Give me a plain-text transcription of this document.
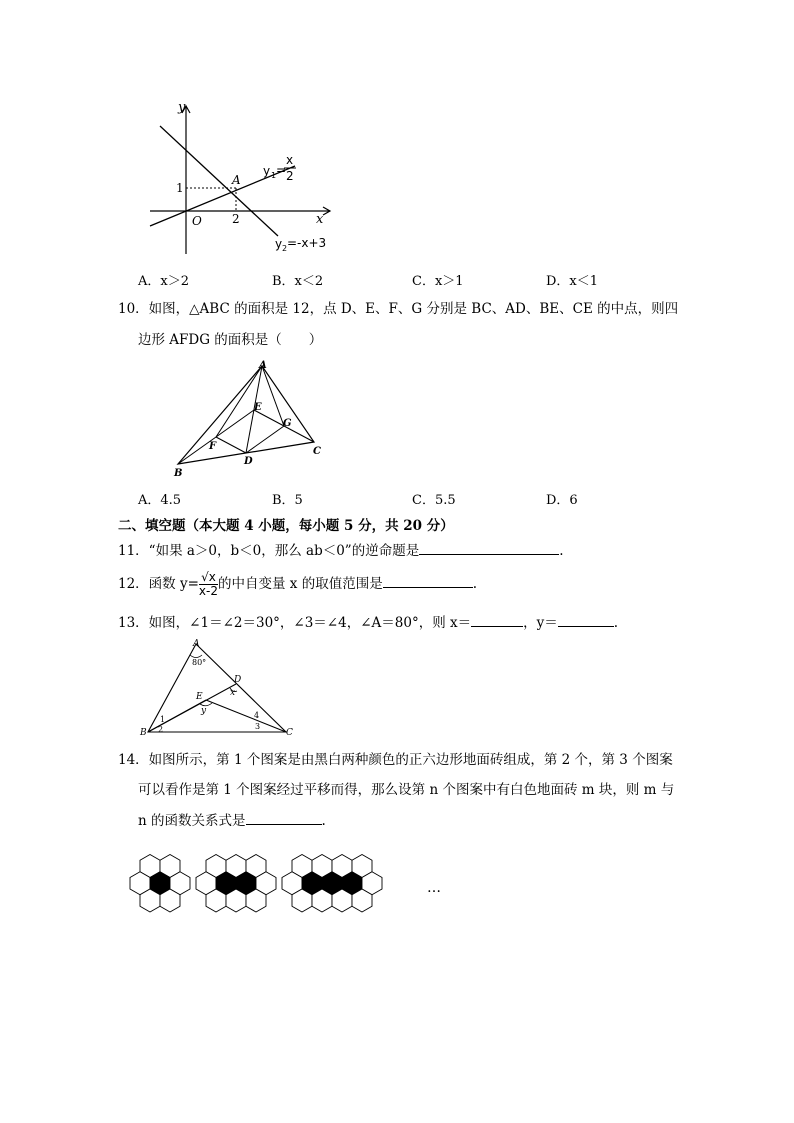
y
x
O
1
2
A
y 1 =
x
2
y 2 =-x+3
A．x＞2	B．x＜2	C．x＞1	D．x＜1
10．如图，△ABC 的面积是 12，点 D、E、F、G 分别是 BC、AD、BE、CE 的中点，则四
边形 AFDG 的面积是（　　）
A
B
C
D
E
F
G
A．4.5	B．5	C．5.5	D．6
二、填空题（本大题 4 小题，每小题 5 分，共 20 分）
11．“如果 a＞0，b＜0，那么 ab＜0”的逆命题是	.
12．函数 $y= \frac{√x}{x-2}$ 的中自变量 x 的取值范围是	.
13．如图，∠1＝∠2＝30°，∠3＝∠4，∠A＝80°，则 x＝	，y＝	.
A
80°
D
x
E
y
1
2
4
3
B	C
14．如图所示，第 1 个图案是由黑白两种颜色的正六边形地面砖组成，第 2 个，第 3 个图案
可以看作是第 1 个图案经过平移而得，那么设第 n 个图案中有白色地面砖 m 块，则 m 与
n 的函数关系式是	.
…
